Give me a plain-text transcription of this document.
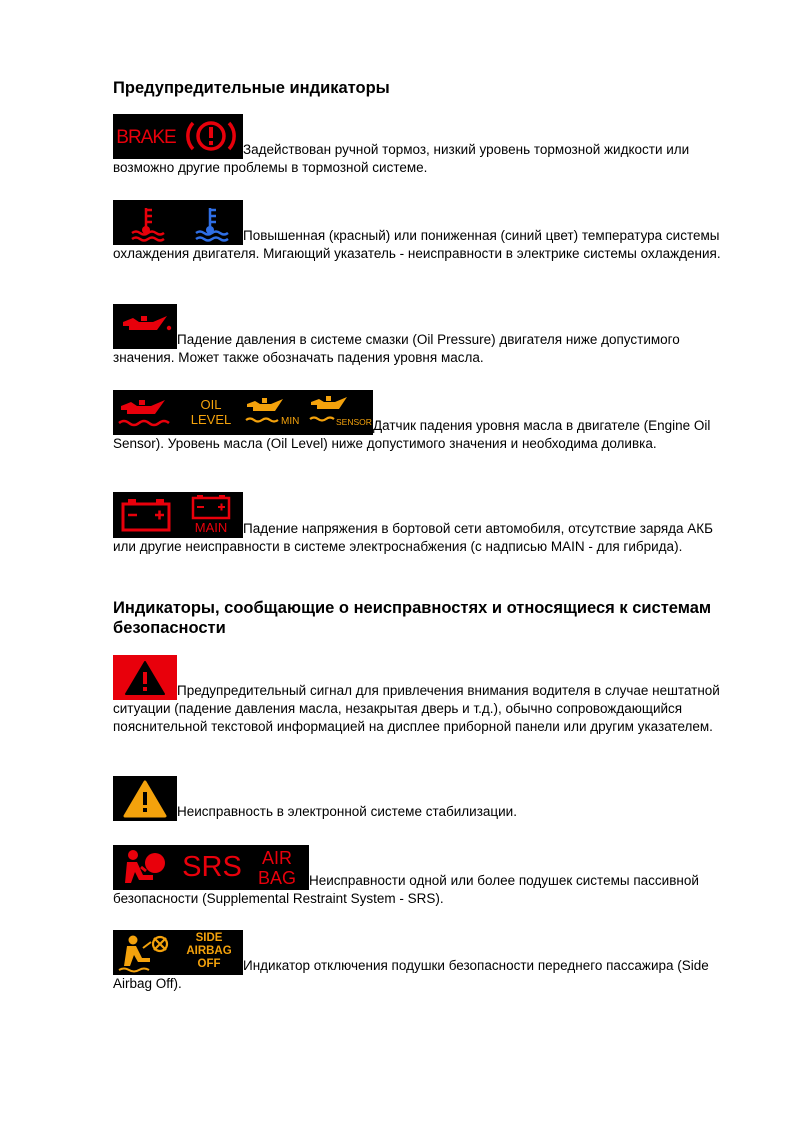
Предупредительные индикаторы
BRAKE
Задействован ручной тормоз, низкий уровень тормозной жидкости или возможно другие проблемы в тормозной системе.
Повышенная (красный) или пониженная (синий цвет) температура системы охлаждения двигателя. Мигающий указатель - неисправности в электрике системы охлаждения.
Падение давления в системе смазки (Oil Pressure) двигателя ниже допустимого значения. Может также обозначать падения уровня масла.
OIL
LEVEL	MIN	SENSOR Датчик падения уровня масла в двигателе (Engine Oil Sensor). Уровень масла (Oil Level) ниже допустимого значения и необходима доливка.
MAIN	Падение напряжения в бортовой сети автомобиля, отсутствие заряда АКБ или другие неисправности в системе электроснабжения (с надписью MAIN - для гибрида).
Индикаторы, сообщающие о неисправностях и относящиеся к системам безопасности
Предупредительный сигнал для привлечения внимания водителя в случае нештатной ситуации (падение давления масла, незакрытая дверь и т.д.), обычно сопровождающийся пояснительной текстовой информацией на дисплее приборной панели или другим указателем.
Неисправность в электронной системе стабилизации.
SRS	AIR
BAG Неисправности одной или более подушек системы пассивной безопасности (Supplemental Restraint System - SRS).
SIDE
AIRBAG
OFF	Индикатор отключения подушки безопасности переднего пассажира (Side Airbag Off).
